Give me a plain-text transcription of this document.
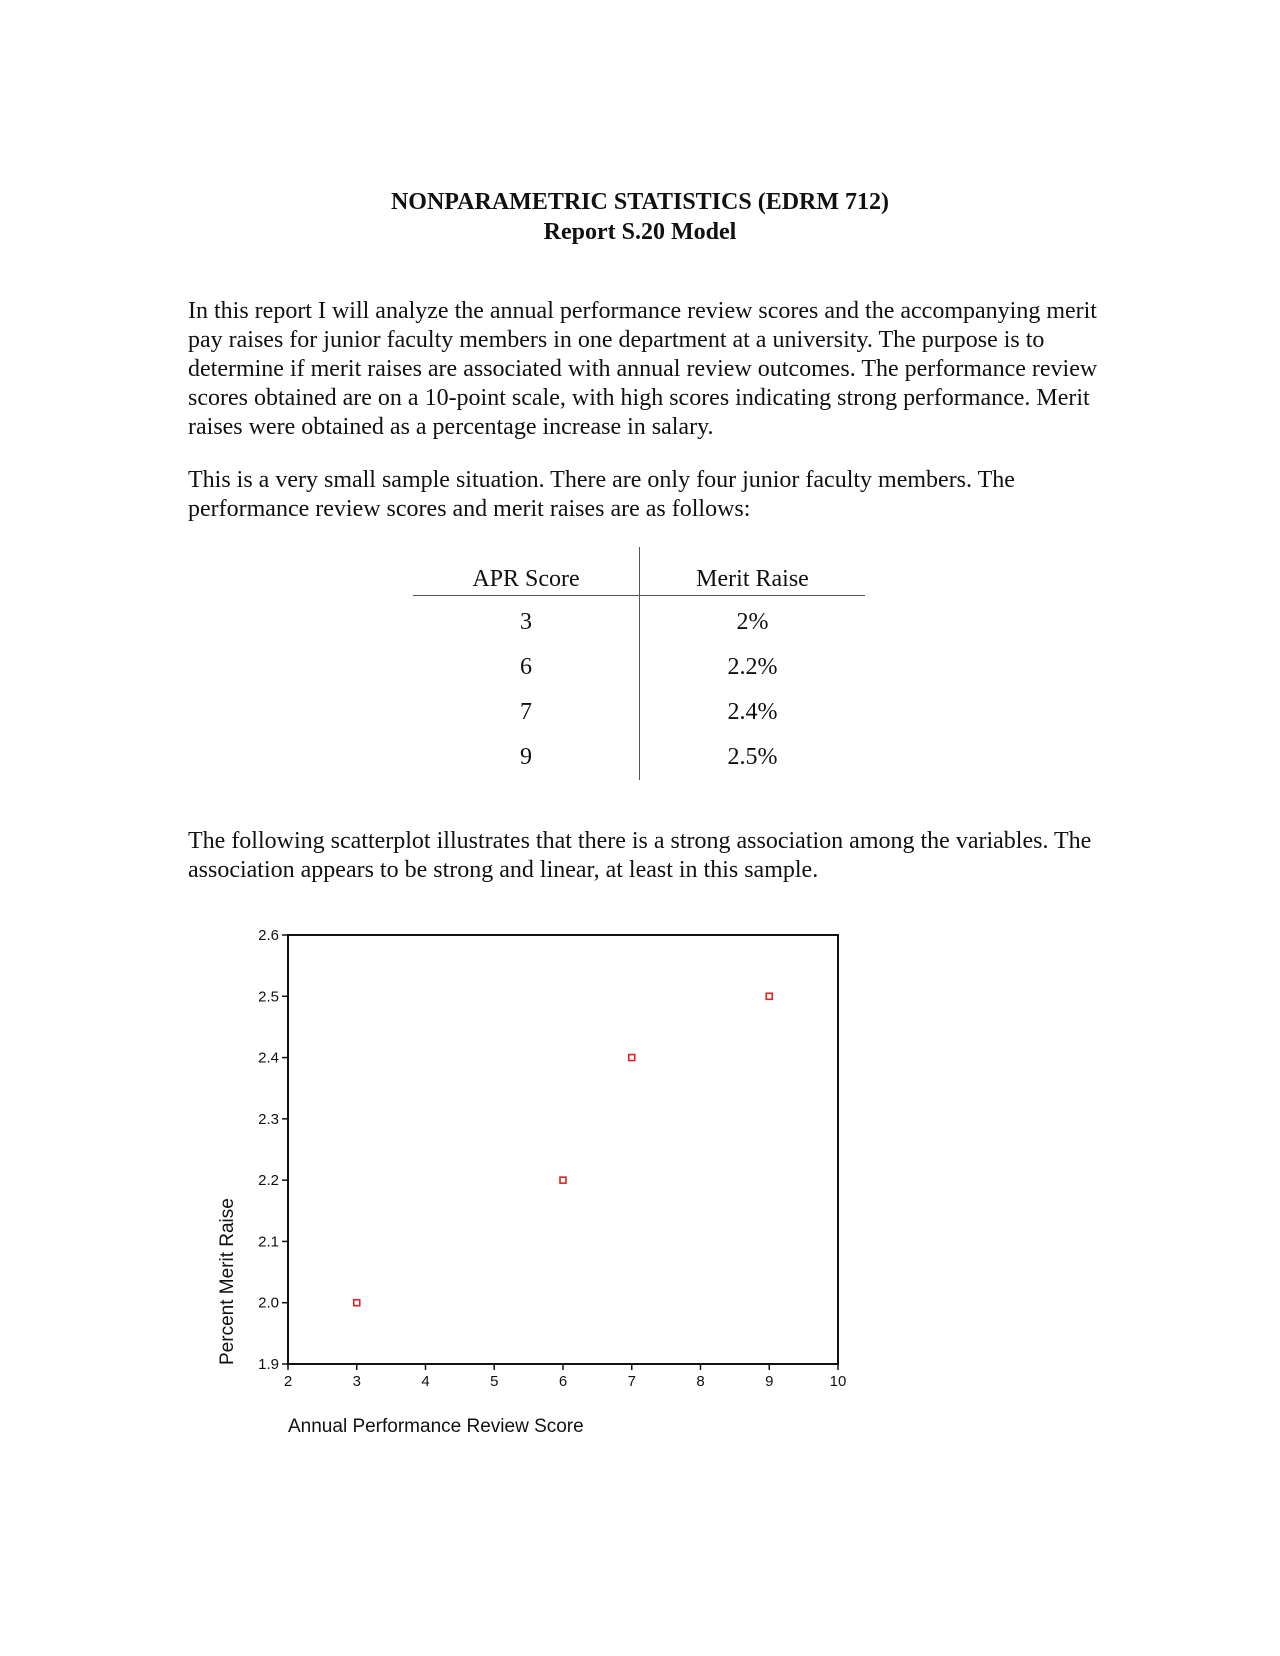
NONPARAMETRIC STATISTICS (EDRM 712)
Report S.20 Model

In this report I will analyze the annual performance review scores and the accompanying merit pay raises for junior faculty members in one department at a university. The purpose is to determine if merit raises are associated with annual review outcomes. The performance review scores obtained are on a 10-point scale, with high scores indicating strong performance. Merit raises were obtained as a percentage increase in salary.

This is a very small sample situation. There are only four junior faculty members. The performance review scores and merit raises are as follows:

APR Score	Merit Raise
3	2%
6	2.2%
7	2.4%
9	2.5%

The following scatterplot illustrates that there is a strong association among the variables. The association appears to be strong and linear, at least in this sample.

1.9
2.0
2.1
2.2
2.3
2.4
2.5
2.6
2	3	4	5	6	7	8	9	10
Annual Performance Review Score
Percent Merit Raise
